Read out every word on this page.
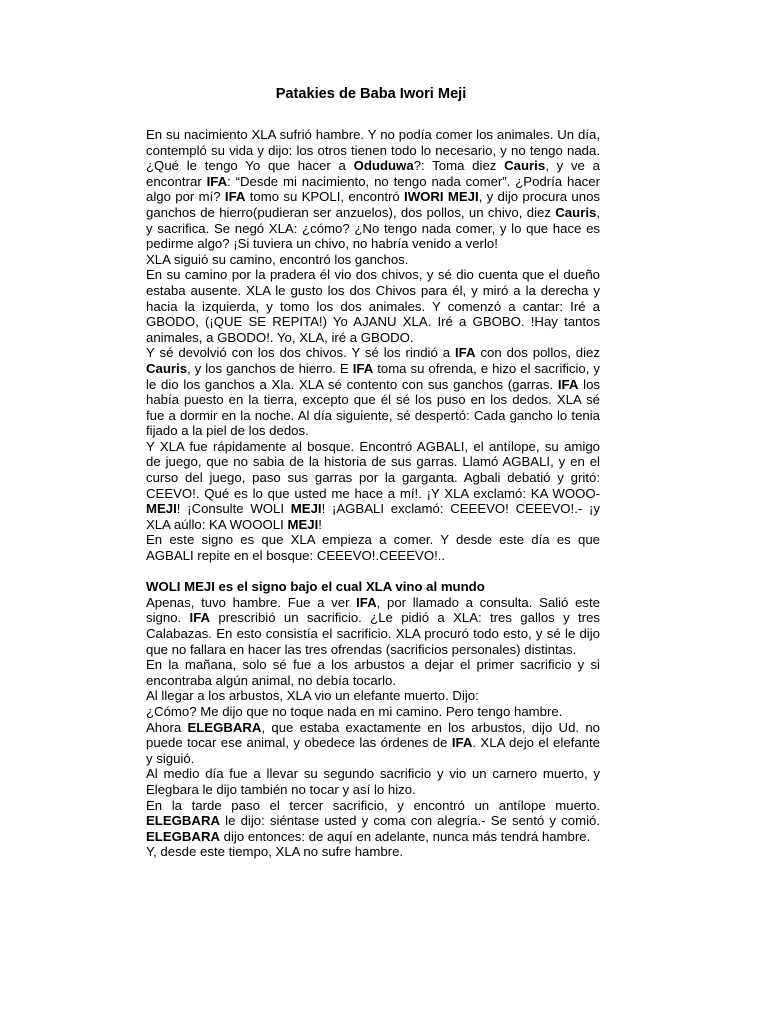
Patakies de Baba Iwori Meji

En su nacimiento XLA sufrió hambre. Y no podía comer los animales. Un día, contempló su vida y dijo: los otros tienen todo lo necesario, y no tengo nada. ¿Qué le tengo Yo que hacer a Oduduwa?: Toma diez Cauris, y ve a encontrar IFA: “Desde mi nacimiento, no tengo nada comer”. ¿Podría hacer algo por mí? IFA tomo su KPOLI, encontró IWORI MEJI, y dijo procura unos ganchos de hierro(pudieran ser anzuelos), dos pollos, un chivo, diez Cauris, y sacrifica. Se negó XLA: ¿cómo? ¿No tengo nada comer, y lo que hace es pedirme algo? ¡Si tuviera un chivo, no habría venido a verlo!

XLA siguió su camino, encontró los ganchos.

En su camino por la pradera él vio dos chivos, y sé dio cuenta que el dueño estaba ausente. XLA le gusto los dos Chivos para él, y miró a la derecha y hacia la izquierda, y tomo los dos animales. Y comenzó a cantar: Iré a GBODO, (¡QUE SE REPITA!) Yo AJANU XLA. Iré a GBOBO. !Hay tantos animales, a GBODO!. Yo, XLA, iré a GBODO.

Y sé devolvió con los dos chivos. Y sé los rindió a IFA con dos pollos, diez Cauris, y los ganchos de hierro. E IFA toma su ofrenda, e hizo el sacrificio, y le dio los ganchos a Xla. XLA sé contento con sus ganchos (garras. IFA los había puesto en la tierra, excepto que él sé los puso en los dedos. XLA sé fue a dormir en la noche. Al día siguiente, sé despertó: Cada gancho lo tenia fijado a la piel de los dedos.

Y XLA fue rápidamente al bosque. Encontró AGBALI, el antílope, su amigo de juego, que no sabia de la historia de sus garras. Llamó AGBALI, y en el curso del juego, paso sus garras por la garganta. Agbali debatió y gritó: CEEVO!. Qué es lo que usted me hace a mí!. ¡Y XLA exclamó: KA WOOO-MEJI! ¡Consulte WOLI MEJI! ¡AGBALI exclamó: CEEEVO! CEEEVO!.- ¡y XLA aúllo: KA WOOOLI MEJI!

En este signo es que XLA empieza a comer. Y desde este día es que AGBALI repite en el bosque: CEEEVO!.CEEEVO!..

WOLI MEJI es el signo bajo el cual XLA vino al mundo

Apenas, tuvo hambre. Fue a ver IFA, por llamado a consulta. Salió este signo. IFA prescribió un sacrificio. ¿Le pidió a XLA: tres gallos y tres Calabazas. En esto consistía el sacrificio. XLA procuró todo esto, y sé le dijo que no fallara en hacer las tres ofrendas (sacrificios personales) distintas.

En la mañana, solo sé fue a los arbustos a dejar el primer sacrificio y si encontraba algún animal, no debía tocarlo.

Al llegar a los arbustos, XLA vio un elefante muerto. Dijo:

¿Cómo? Me dijo que no toque nada en mi camino. Pero tengo hambre.

Ahora ELEGBARA, que estaba exactamente en los arbustos, dijo Ud. no puede tocar ese animal, y obedece las órdenes de IFA. XLA dejo el elefante y siguió.

Al medio día fue a llevar su segundo sacrificio y vio un carnero muerto, y Elegbara le dijo también no tocar y así lo hizo.

En la tarde paso el tercer sacrificio, y encontró un antílope muerto. ELEGBARA le dijo: siéntase usted y coma con alegría.- Se sentó y comió. ELEGBARA dijo entonces: de aquí en adelante, nunca más tendrá hambre.

Y, desde este tiempo, XLA no sufre hambre.
